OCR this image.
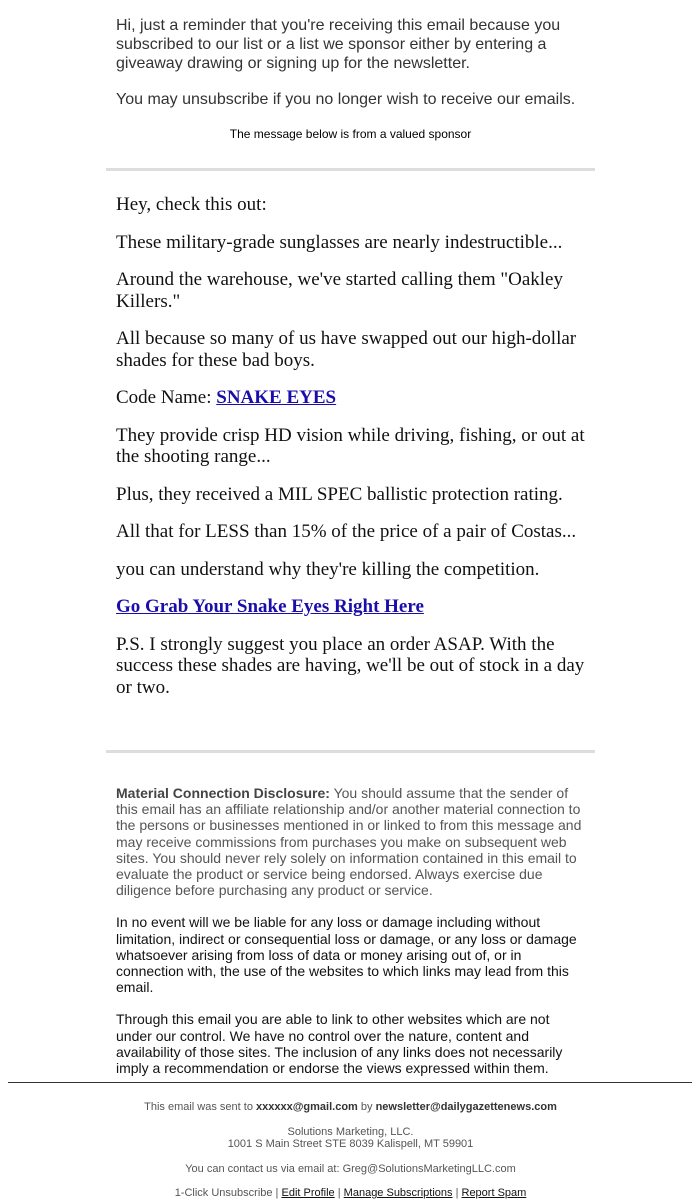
Hi, just a reminder that you're receiving this email because you subscribed to our list or a list we sponsor either by entering a giveaway drawing or signing up for the newsletter.

You may unsubscribe if you no longer wish to receive our emails.

The message below is from a valued sponsor

Hey, check this out:

These military-grade sunglasses are nearly indestructible...

Around the warehouse, we've started calling them "Oakley Killers."

All because so many of us have swapped out our high-dollar shades for these bad boys.

Code Name: SNAKE EYES

They provide crisp HD vision while driving, fishing, or out at the shooting range...

Plus, they received a MIL SPEC ballistic protection rating.

All that for LESS than 15% of the price of a pair of Costas...

you can understand why they're killing the competition.

Go Grab Your Snake Eyes Right Here

P.S. I strongly suggest you place an order ASAP. With the success these shades are having, we'll be out of stock in a day or two.

Material Connection Disclosure: You should assume that the sender of this email has an affiliate relationship and/or another material connection to the persons or businesses mentioned in or linked to from this message and may receive commissions from purchases you make on subsequent web sites. You should never rely solely on information contained in this email to evaluate the product or service being endorsed. Always exercise due diligence before purchasing any product or service.

In no event will we be liable for any loss or damage including without limitation, indirect or consequential loss or damage, or any loss or damage whatsoever arising from loss of data or money arising out of, or in connection with, the use of the websites to which links may lead from this email.

Through this email you are able to link to other websites which are not under our control. We have no control over the nature, content and availability of those sites. The inclusion of any links does not necessarily imply a recommendation or endorse the views expressed within them.

This email was sent to xxxxxx@gmail.com by newsletter@dailygazettenews.com
Solutions Marketing, LLC.
1001 S Main Street STE 8039 Kalispell, MT 59901
You can contact us via email at: Greg@SolutionsMarketingLLC.com
1-Click Unsubscribe | Edit Profile | Manage Subscriptions | Report Spam
